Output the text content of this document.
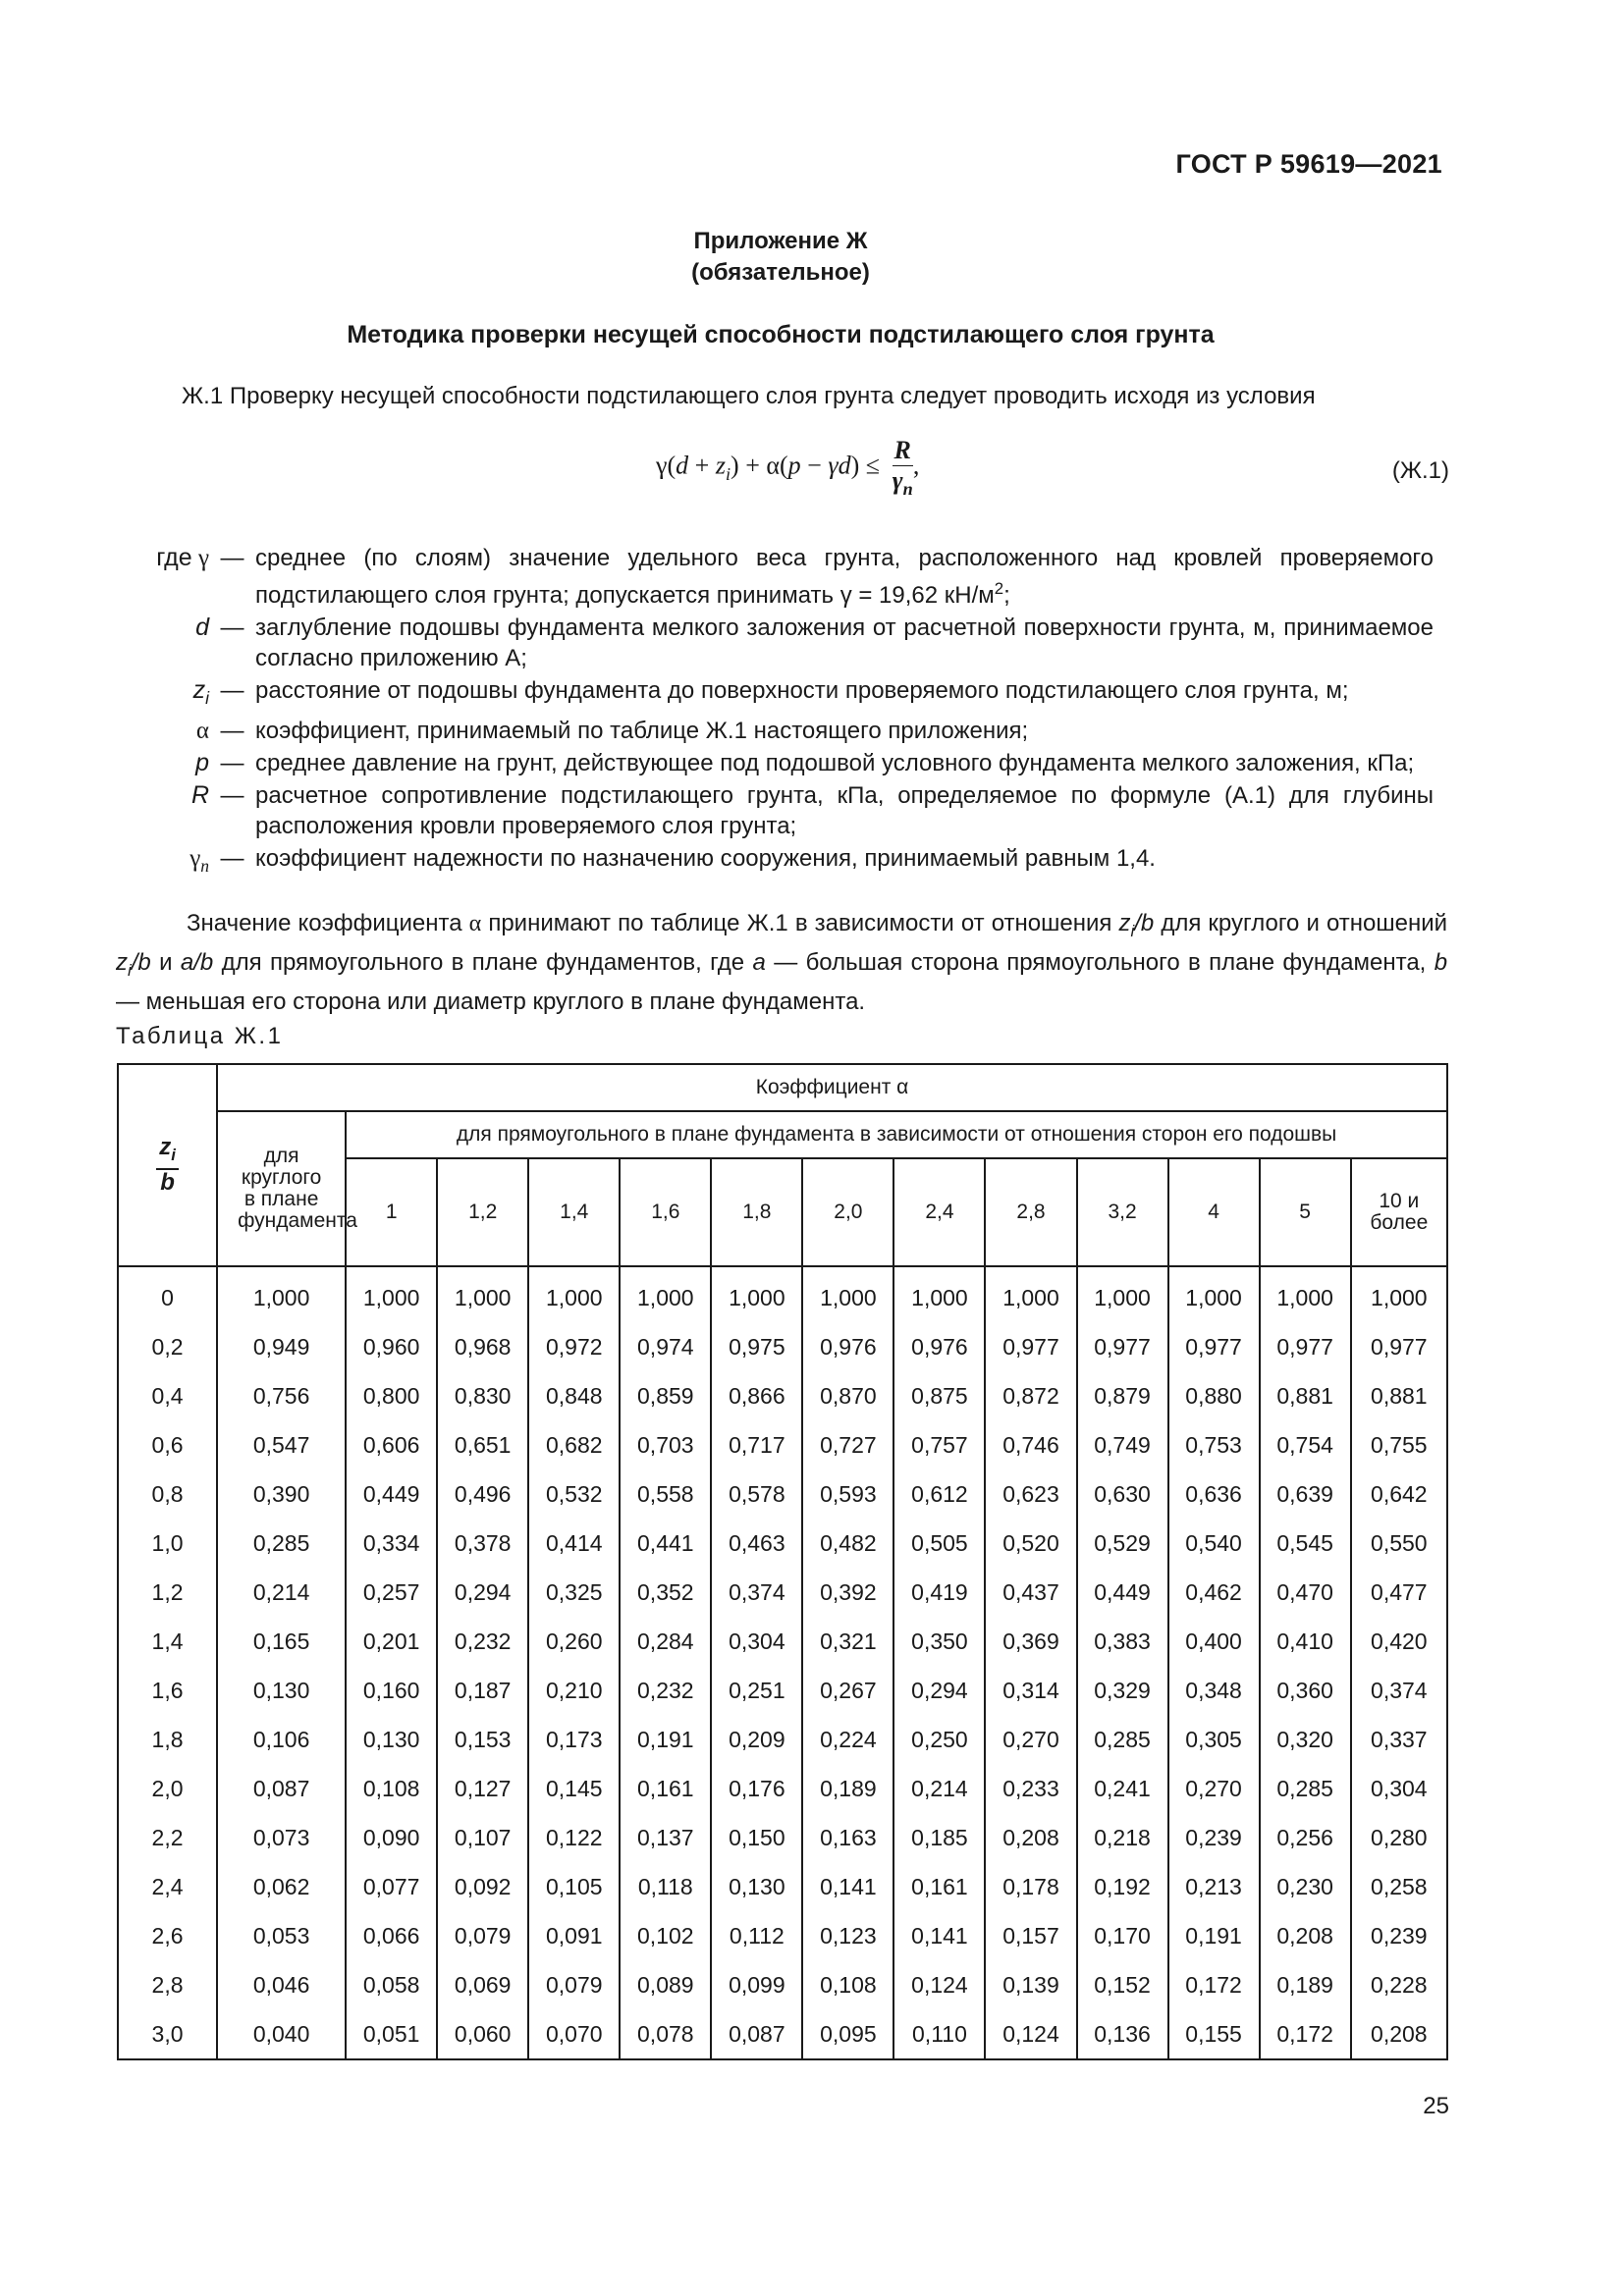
ГОСТ Р 59619—2021
Приложение Ж
(обязательное)
Методика проверки несущей способности подстилающего слоя грунта
Ж.1 Проверку несущей способности подстилающего слоя грунта следует проводить исходя из условия
$\gamma(d + z_i) + \alpha(p - \gamma d) \le \frac{R}{\gamma_n}$ ,	(Ж.1)
где γ — среднее (по слоям) значение удельного веса грунта, расположенного над кровлей проверяемого подстилающего слоя грунта; допускается принимать γ = 19,62 $кН/м^2$;
d — заглубление подошвы фундамента мелкого заложения от расчетной поверхности грунта, м, принимаемое согласно приложению А;
$z_i$ — расстояние от подошвы фундамента до поверхности проверяемого подстилающего слоя грунта, м;
α — коэффициент, принимаемый по таблице Ж.1 настоящего приложения;
p — среднее давление на грунт, действующее под подошвой условного фундамента мелкого заложения, кПа;
R — расчетное сопротивление подстилающего грунта, кПа, определяемое по формуле (А.1) для глубины расположения кровли проверяемого слоя грунта;
$\gamma_n$ — коэффициент надежности по назначению сооружения, принимаемый равным 1,4.
Значение коэффициента α принимают по таблице Ж.1 в зависимости от отношения $z_i/b$ для круглого и отношений $z_i/b$ и a/b для прямоугольного в плане фундаментов, где a — большая сторона прямоугольного в плане фундамента, b — меньшая его сторона или диаметр круглого в плане фундамента.
Таблица Ж.1
$\frac{z_i}{b}$	Коэффициент α												
	для круглого в плане фундамента	для прямоугольного в плане фундамента в зависимости от отношения сторон его подошвы											
		1	1,2	1,4	1,6	1,8	2,0	2,4	2,8	3,2	4	5	10 и более
0	1,000	1,000	1,000	1,000	1,000	1,000	1,000	1,000	1,000	1,000	1,000	1,000	1,000
0,2	0,949	0,960	0,968	0,972	0,974	0,975	0,976	0,976	0,977	0,977	0,977	0,977	0,977
0,4	0,756	0,800	0,830	0,848	0,859	0,866	0,870	0,875	0,872	0,879	0,880	0,881	0,881
0,6	0,547	0,606	0,651	0,682	0,703	0,717	0,727	0,757	0,746	0,749	0,753	0,754	0,755
0,8	0,390	0,449	0,496	0,532	0,558	0,578	0,593	0,612	0,623	0,630	0,636	0,639	0,642
1,0	0,285	0,334	0,378	0,414	0,441	0,463	0,482	0,505	0,520	0,529	0,540	0,545	0,550
1,2	0,214	0,257	0,294	0,325	0,352	0,374	0,392	0,419	0,437	0,449	0,462	0,470	0,477
1,4	0,165	0,201	0,232	0,260	0,284	0,304	0,321	0,350	0,369	0,383	0,400	0,410	0,420
1,6	0,130	0,160	0,187	0,210	0,232	0,251	0,267	0,294	0,314	0,329	0,348	0,360	0,374
1,8	0,106	0,130	0,153	0,173	0,191	0,209	0,224	0,250	0,270	0,285	0,305	0,320	0,337
2,0	0,087	0,108	0,127	0,145	0,161	0,176	0,189	0,214	0,233	0,241	0,270	0,285	0,304
2,2	0,073	0,090	0,107	0,122	0,137	0,150	0,163	0,185	0,208	0,218	0,239	0,256	0,280
2,4	0,062	0,077	0,092	0,105	0,118	0,130	0,141	0,161	0,178	0,192	0,213	0,230	0,258
2,6	0,053	0,066	0,079	0,091	0,102	0,112	0,123	0,141	0,157	0,170	0,191	0,208	0,239
2,8	0,046	0,058	0,069	0,079	0,089	0,099	0,108	0,124	0,139	0,152	0,172	0,189	0,228
3,0	0,040	0,051	0,060	0,070	0,078	0,087	0,095	0,110	0,124	0,136	0,155	0,172	0,208
25
